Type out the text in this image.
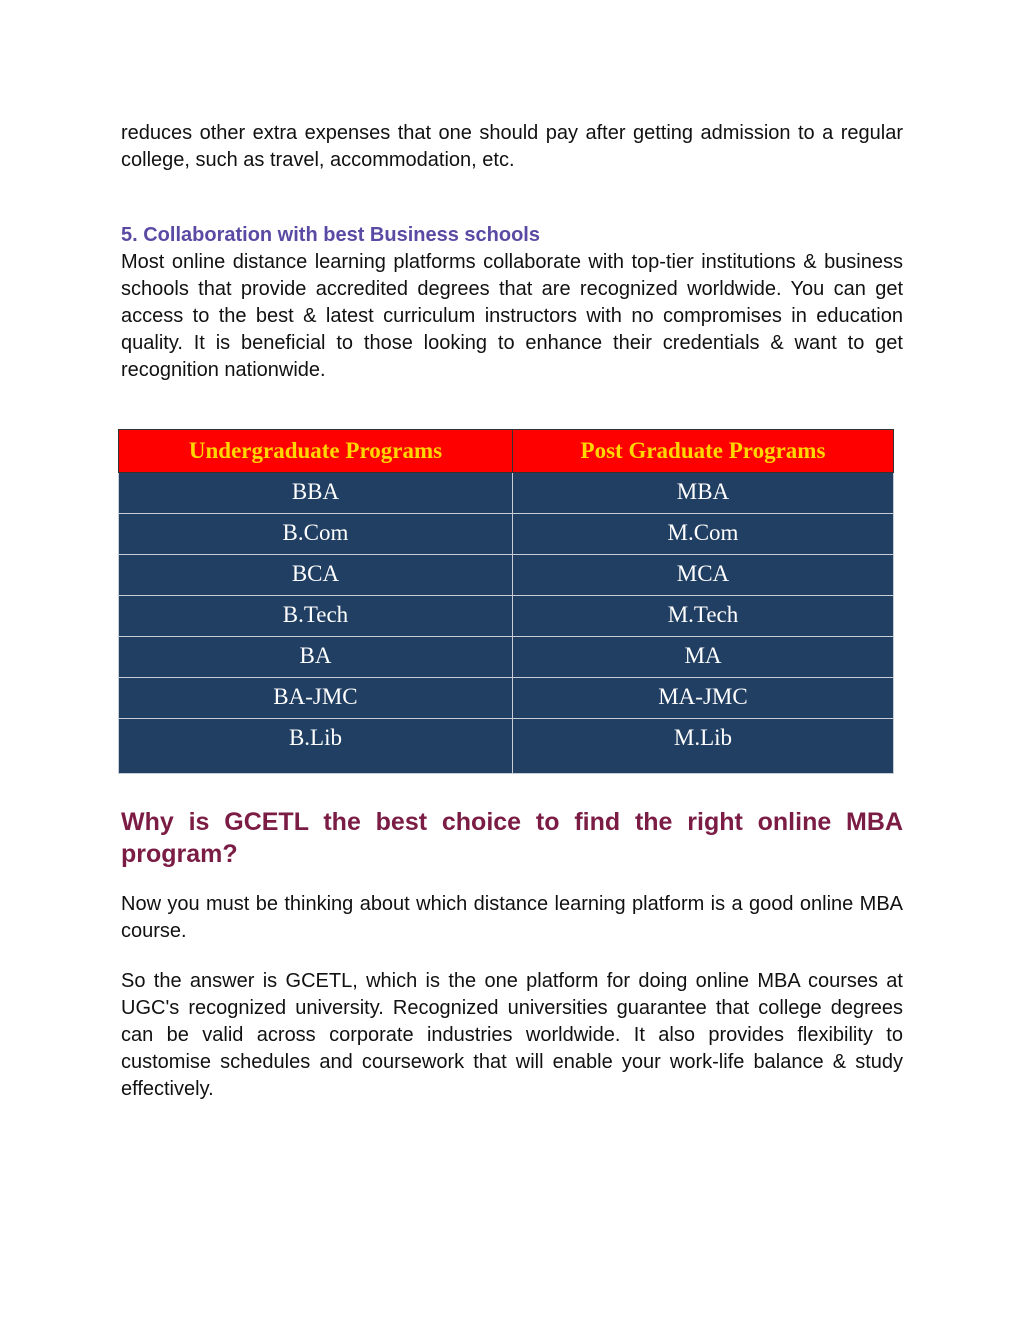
reduces other extra expenses that one should pay after getting admission to a regular college, such as travel, accommodation, etc.

5. Collaboration with best Business schools

Most online distance learning platforms collaborate with top-tier institutions & business schools that provide accredited degrees that are recognized worldwide. You can get access to the best & latest curriculum instructors with no compromises in education quality. It is beneficial to those looking to enhance their credentials & want to get recognition nationwide.

Undergraduate Programs	Post Graduate Programs
BBA	MBA
B.Com	M.Com
BCA	MCA
B.Tech	M.Tech
BA	MA
BA-JMC	MA-JMC
B.Lib	M.Lib
Why is GCETL the best choice to find the right online MBA program?

Now you must be thinking about which distance learning platform is a good online MBA course.

So the answer is GCETL, which is the one platform for doing online MBA courses at UGC's recognized university. Recognized universities guarantee that college degrees can be valid across corporate industries worldwide. It also provides flexibility to customise schedules and coursework that will enable your work-life balance & study effectively.
